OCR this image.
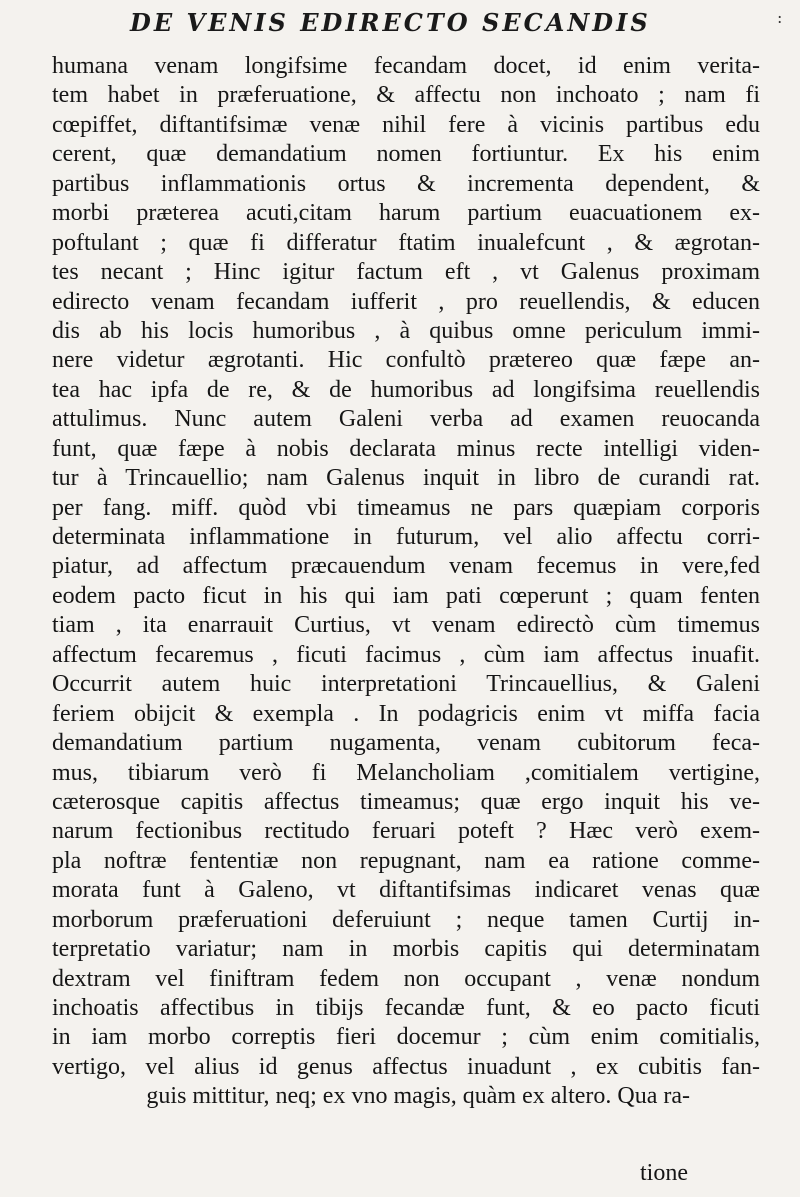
DE VENIS EDIRECTO SECANDIS	:
humana venam longifsime fecandam docet, id enim verita-
tem habet in præferuatione, & affectu non inchoato ; nam fi
cœpiffet, diftantifsimæ venæ nihil fere à vicinis partibus edu
cerent, quæ demandatium nomen fortiuntur. Ex his enim
partibus inflammationis ortus & incrementa dependent, &
morbi præterea acuti,citam harum partium euacuationem ex-
poftulant ; quæ fi differatur ftatim inualefcunt , & ægrotan-
tes necant ; Hinc igitur factum eft , vt Galenus proximam
edirecto venam fecandam iufferit , pro reuellendis, & educen
dis ab his locis humoribus , à quibus omne periculum immi-
nere videtur ægrotanti. Hic confultò prætereo quæ fæpe an-
tea hac ipfa de re, & de humoribus ad longifsima reuellendis
attulimus. Nunc autem Galeni verba ad examen reuocanda
funt, quæ fæpe à nobis declarata minus recte intelligi viden-
tur à Trincauellio; nam Galenus inquit in libro de curandi rat.
per fang. miff. quòd vbi timeamus ne pars quæpiam corporis
determinata inflammatione in futurum, vel alio affectu corri-
piatur, ad affectum præcauendum venam fecemus in vere,fed
eodem pacto ficut in his qui iam pati cœperunt ; quam fenten
tiam , ita enarrauit Curtius, vt venam edirectò cùm timemus
affectum fecaremus , ficuti facimus , cùm iam affectus inuafit.
Occurrit autem huic interpretationi Trincauellius, & Galeni
feriem obijcit & exempla . In podagricis enim vt miffa facia
demandatium partium nugamenta, venam cubitorum feca-
mus, tibiarum verò fi Melancholiam ,comitialem vertigine,
cæterosque capitis affectus timeamus; quæ ergo inquit his ve-
narum fectionibus rectitudo feruari poteft ? Hæc verò exem-
pla noftræ fententiæ non repugnant, nam ea ratione comme-
morata funt à Galeno, vt diftantifsimas indicaret venas quæ
morborum præferuationi deferuiunt ; neque tamen Curtij in-
terpretatio variatur; nam in morbis capitis qui determinatam
dextram vel finiftram fedem non occupant , venæ nondum
inchoatis affectibus in tibijs fecandæ funt, & eo pacto ficuti
in iam morbo correptis fieri docemur ; cùm enim comitialis,
vertigo, vel alius id genus affectus inuadunt , ex cubitis fan-
guis mittitur, neq; ex vno magis, quàm ex altero. Qua ra-
tione
